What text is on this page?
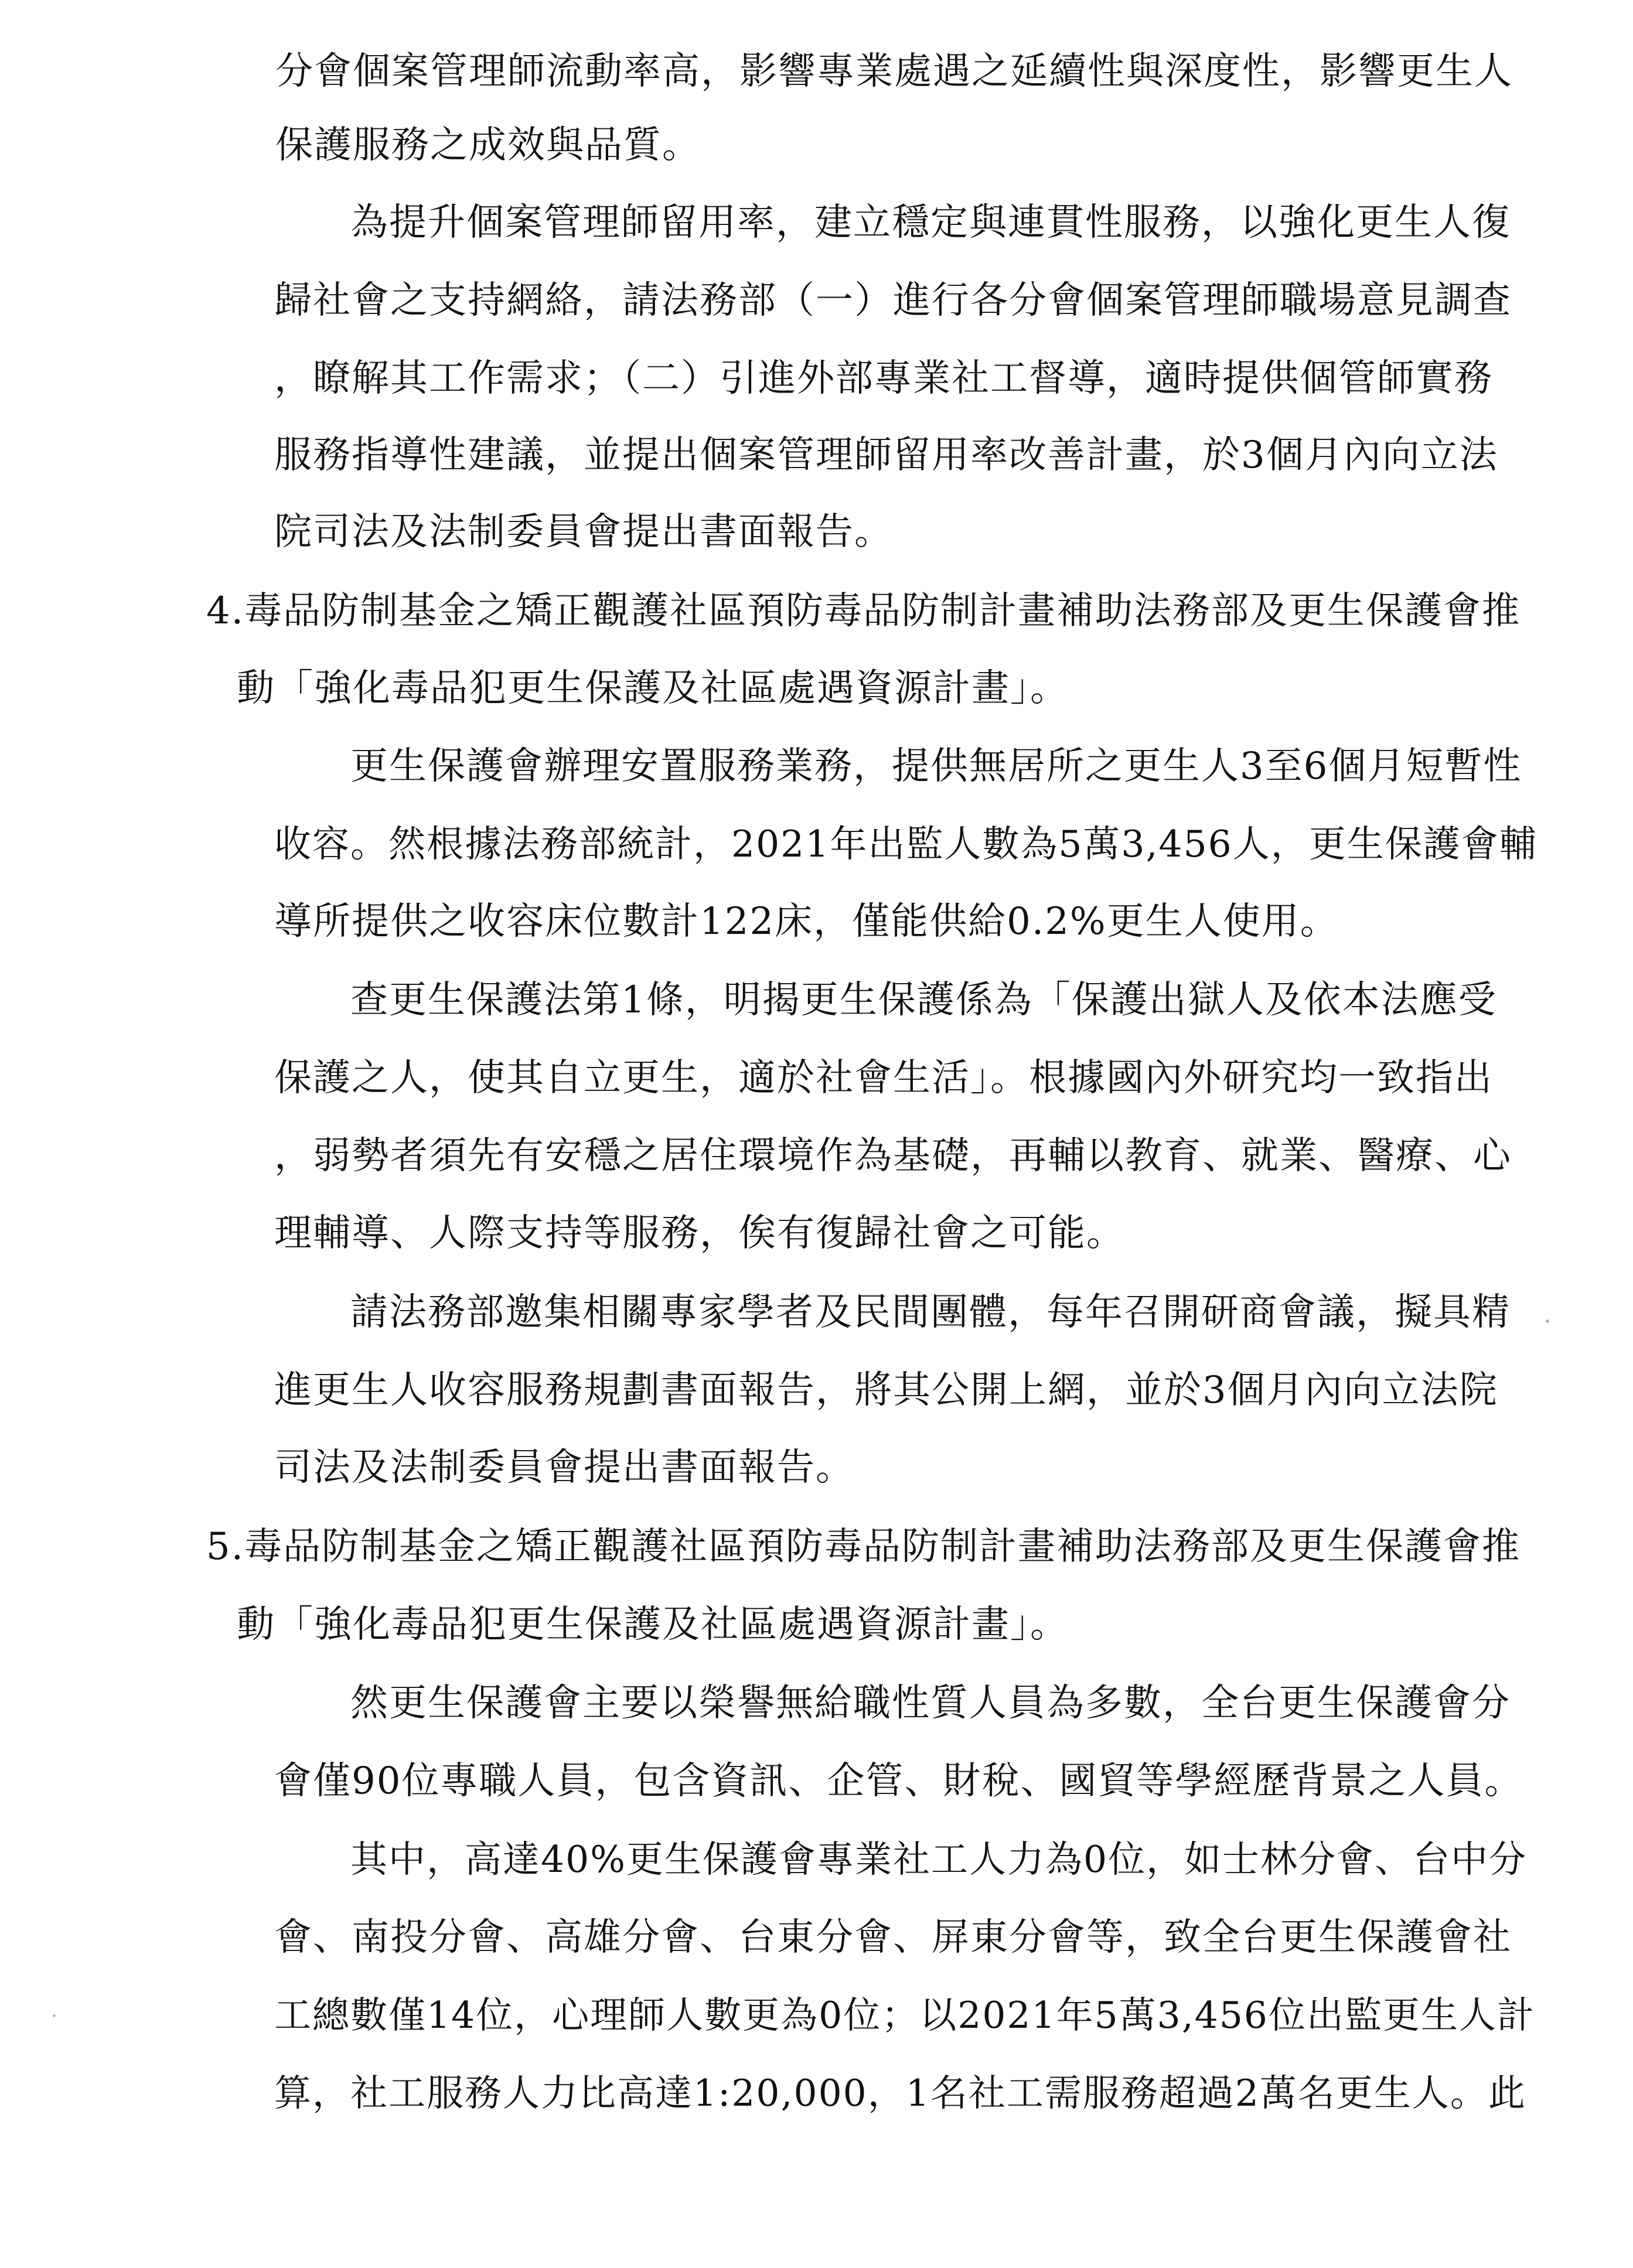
分會個案管理師流動率高，影響專業處遇之延續性與深度性，影響更生人
保護服務之成效與品質。
為提升個案管理師留用率，建立穩定與連貫性服務，以強化更生人復
歸社會之支持網絡，請法務部（一）進行各分會個案管理師職場意見調查
，瞭解其工作需求；（二）引進外部專業社工督導，適時提供個管師實務
服務指導性建議，並提出個案管理師留用率改善計畫，於3個月內向立法
院司法及法制委員會提出書面報告。
4.毒品防制基金之矯正觀護社區預防毒品防制計畫補助法務部及更生保護會推
動「強化毒品犯更生保護及社區處遇資源計畫」。
更生保護會辦理安置服務業務，提供無居所之更生人3至6個月短暫性
收容。然根據法務部統計，2021年出監人數為5萬3,456人，更生保護會輔
導所提供之收容床位數計122床，僅能供給0.2%更生人使用。
查更生保護法第1條，明揭更生保護係為「保護出獄人及依本法應受
保護之人，使其自立更生，適於社會生活」。根據國內外研究均一致指出
，弱勢者須先有安穩之居住環境作為基礎，再輔以教育、就業、醫療、心
理輔導、人際支持等服務，俟有復歸社會之可能。
請法務部邀集相關專家學者及民間團體，每年召開研商會議，擬具精
進更生人收容服務規劃書面報告，將其公開上網，並於3個月內向立法院
司法及法制委員會提出書面報告。
5.毒品防制基金之矯正觀護社區預防毒品防制計畫補助法務部及更生保護會推
動「強化毒品犯更生保護及社區處遇資源計畫」。
然更生保護會主要以榮譽無給職性質人員為多數，全台更生保護會分
會僅90位專職人員，包含資訊、企管、財稅、國貿等學經歷背景之人員。
其中，高達40%更生保護會專業社工人力為0位，如士林分會、台中分
會、南投分會、高雄分會、台東分會、屏東分會等，致全台更生保護會社
工總數僅14位，心理師人數更為0位；以2021年5萬3,456位出監更生人計
算，社工服務人力比高達1:20,000，1名社工需服務超過2萬名更生人。此
